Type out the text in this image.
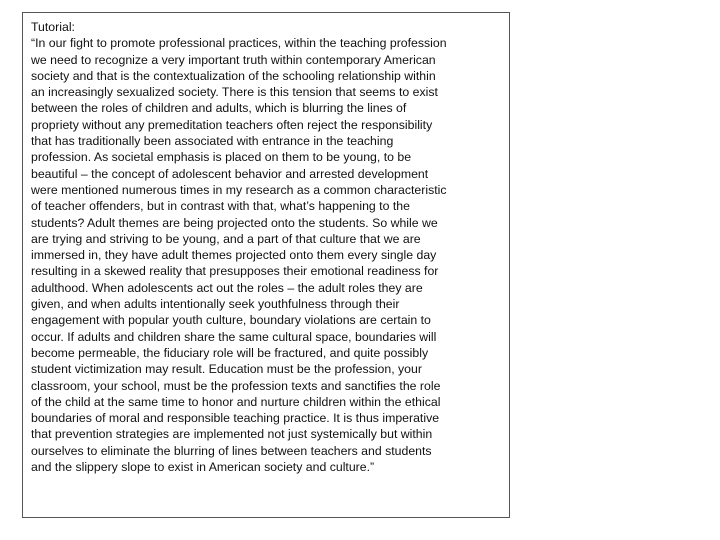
Tutorial:
“In our fight to promote professional practices, within the teaching profession
we need to recognize a very important truth within contemporary American
society and that is the contextualization of the schooling relationship within
an increasingly sexualized society. There is this tension that seems to exist
between the roles of children and adults, which is blurring the lines of
propriety without any premeditation teachers often reject the responsibility
that has traditionally been associated with entrance in the teaching
profession. As societal emphasis is placed on them to be young, to be
beautiful – the concept of adolescent behavior and arrested development
were mentioned numerous times in my research as a common characteristic
of teacher offenders, but in contrast with that, what’s happening to the
students? Adult themes are being projected onto the students. So while we
are trying and striving to be young, and a part of that culture that we are
immersed in, they have adult themes projected onto them every single day
resulting in a skewed reality that presupposes their emotional readiness for
adulthood. When adolescents act out the roles – the adult roles they are
given, and when adults intentionally seek youthfulness through their
engagement with popular youth culture, boundary violations are certain to
occur. If adults and children share the same cultural space, boundaries will
become permeable, the fiduciary role will be fractured, and quite possibly
student victimization may result. Education must be the profession, your
classroom, your school, must be the profession texts and sanctifies the role
of the child at the same time to honor and nurture children within the ethical
boundaries of moral and responsible teaching practice. It is thus imperative
that prevention strategies are implemented not just systemically but within
ourselves to eliminate the blurring of lines between teachers and students
and the slippery slope to exist in American society and culture.”
